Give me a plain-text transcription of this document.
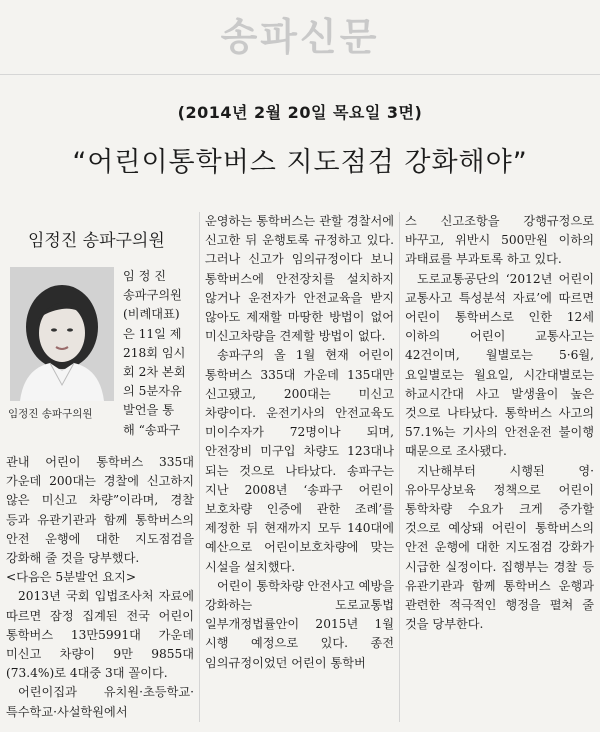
송파신문
(2014년 2월 20일 목요일 3면)
“어린이통학버스 지도점검 강화해야”
임정진 송파구의원
임정진 송파구의원
임 정 진
송파구의원
(비례대표)
은 11일 제
218회 임시
회 2차 본회
의 5분자유
발언을 통
해 “송파구

관내 어린이 통학버스 335대 가운데 200대는 경찰에 신고하지 않은 미신고 차량”이라며, 경찰 등과 유관기관과 함께 통학버스의 안전 운행에 대한 지도점검을 강화해 줄 것을 당부했다.

<다음은 5분발언 요지>

2013년 국회 입법조사처 자료에 따르면 잠정 집계된 전국 어린이 통학버스 13만5991대 가운데 미신고 차량이 9만 9855대(73.4%)로 4대중 3대 꼴이다.

어린이집과 유치원·초등학교·특수학교·사설학원에서

운영하는 통학버스는 관할 경찰서에 신고한 뒤 운행토록 규정하고 있다. 그러나 신고가 임의규정이다 보니 통학버스에 안전장치를 설치하지 않거나 운전자가 안전교육을 받지 않아도 제재할 마땅한 방법이 없어 미신고차량을 견제할 방법이 없다.

송파구의 올 1월 현재 어린이 통학버스 335대 가운데 135대만 신고됐고, 200대는 미신고 차량이다. 운전기사의 안전교육도 미이수자가 72명이나 되며, 안전장비 미구입 차량도 123대나 되는 것으로 나타났다. 송파구는 지난 2008년 ‘송파구 어린이 보호차량 인증에 관한 조례’를 제정한 뒤 현재까지 모두 140대에 예산으로 어린이보호차량에 맞는 시설을 설치했다.

어린이 통학차량 안전사고 예방을 강화하는 도로교통법 일부개정법률안이 2015년 1월 시행 예정으로 있다. 종전 임의규정이었던 어린이 통학버

스 신고조항을 강행규정으로 바꾸고, 위반시 500만원 이하의 과태료를 부과토록 하고 있다.

도로교통공단의 ‘2012년 어린이 교통사고 특성분석 자료’에 따르면 어린이 통학버스로 인한 12세 이하의 어린이 교통사고는 42건이며, 월별로는 5·6월, 요일별로는 월요일, 시간대별로는 하교시간대 사고 발생율이 높은 것으로 나타났다. 통학버스 사고의 57.1%는 기사의 안전운전 불이행 때문으로 조사됐다.

지난해부터 시행된 영·유아무상보육 정책으로 어린이 통학차량 수요가 크게 증가할 것으로 예상돼 어린이 통학버스의 안전 운행에 대한 지도점검 강화가 시급한 실정이다. 집행부는 경찰 등 유관기관과 함께 통학버스 운행과 관련한 적극적인 행정을 펼쳐 줄 것을 당부한다.
